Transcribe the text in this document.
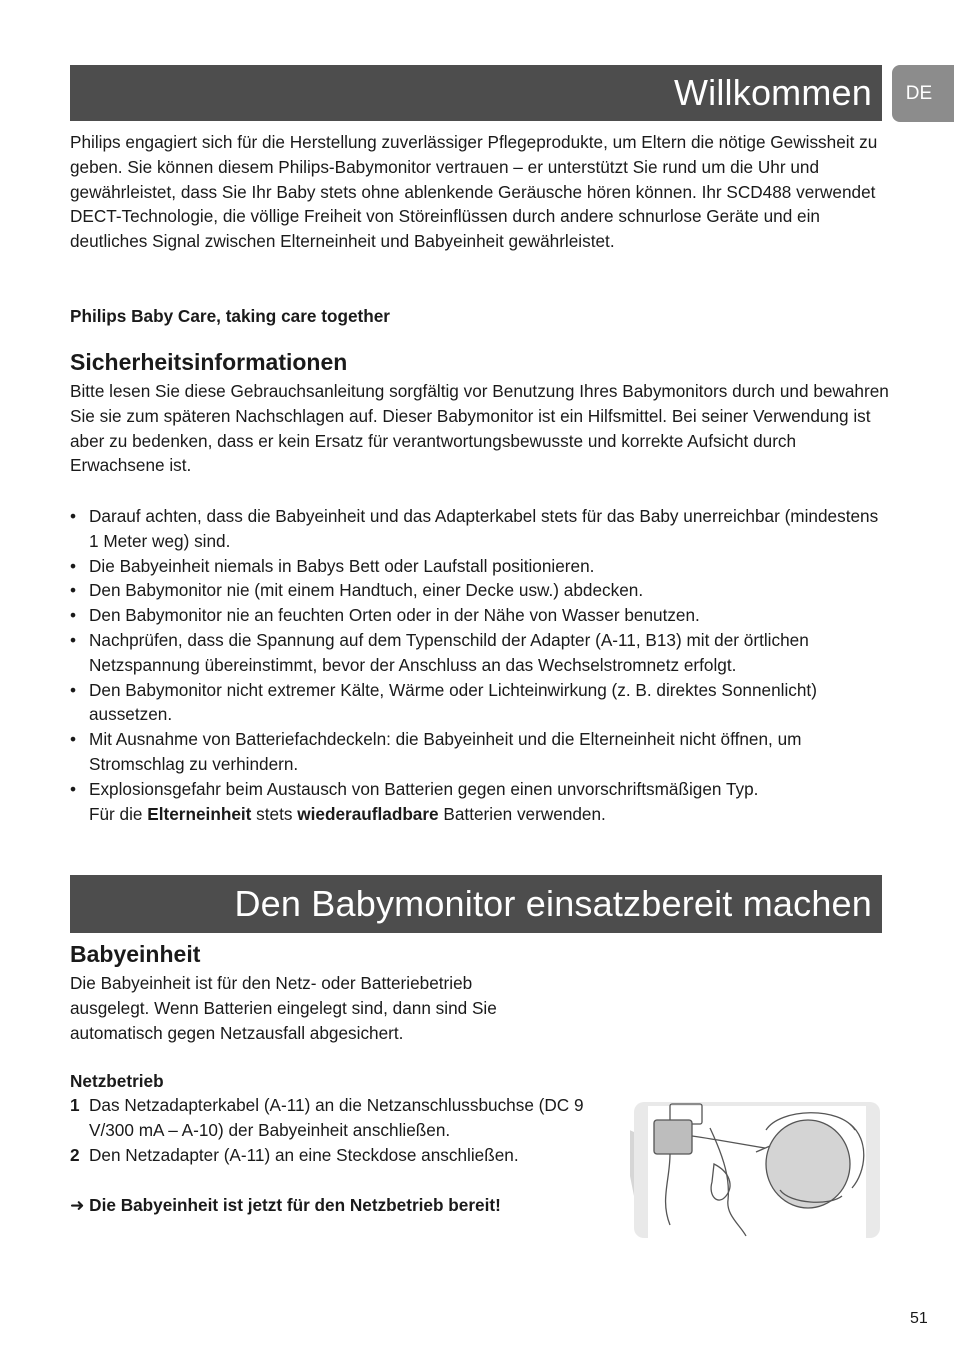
Willkommen	DE

Philips engagiert sich für die Herstellung zuverlässiger Pflegeprodukte, um Eltern die nötige Gewissheit zu geben. Sie können diesem Philips-Babymonitor vertrauen – er unterstützt Sie rund um die Uhr und gewährleistet, dass Sie Ihr Baby stets ohne ablenkende Geräusche hören können. Ihr SCD488 verwendet DECT-Technologie, die völlige Freiheit von Störeinflüssen durch andere schnurlose Geräte und ein deutliches Signal zwischen Elterneinheit und Babyeinheit gewährleistet.

Philips Baby Care, taking care together
Sicherheitsinformationen

Bitte lesen Sie diese Gebrauchsanleitung sorgfältig vor Benutzung Ihres Babymonitors durch und bewahren Sie sie zum späteren Nachschlagen auf. Dieser Babymonitor ist ein Hilfsmittel. Bei seiner Verwendung ist aber zu bedenken, dass er kein Ersatz für verantwortungsbewusste und korrekte Aufsicht durch Erwachsene ist.

• Darauf achten, dass die Babyeinheit und das Adapterkabel stets für das Baby unerreichbar (mindestens 1 Meter weg) sind.
• Die Babyeinheit niemals in Babys Bett oder Laufstall positionieren.
• Den Babymonitor nie (mit einem Handtuch, einer Decke usw.) abdecken.
• Den Babymonitor nie an feuchten Orten oder in der Nähe von Wasser benutzen.
• Nachprüfen, dass die Spannung auf dem Typenschild der Adapter (A-11, B13) mit der örtlichen Netzspannung übereinstimmt, bevor der Anschluss an das Wechselstromnetz erfolgt.
• Den Babymonitor nicht extremer Kälte, Wärme oder Lichteinwirkung (z. B. direktes Sonnenlicht) aussetzen.
• Mit Ausnahme von Batteriefachdeckeln: die Babyeinheit und die Elterneinheit nicht öffnen, um Stromschlag zu verhindern.
• Explosionsgefahr beim Austausch von Batterien gegen einen unvorschriftsmäßigen Typ.
Für die Elterneinheit stets wiederaufladbare Batterien verwenden.
Den Babymonitor einsatzbereit machen
Babyeinheit

Die Babyeinheit ist für den Netz- oder Batteriebetrieb ausgelegt. Wenn Batterien eingelegt sind, dann sind Sie automatisch gegen Netzausfall abgesichert.

Netzbetrieb
1 Das Netzadapterkabel (A-11) an die Netzanschlussbuchse (DC 9 V/300 mA – A-10) der Babyeinheit anschließen.
2 Den Netzadapter (A-11) an eine Steckdose anschließen.
➜ Die Babyeinheit ist jetzt für den Netzbetrieb bereit!
51
